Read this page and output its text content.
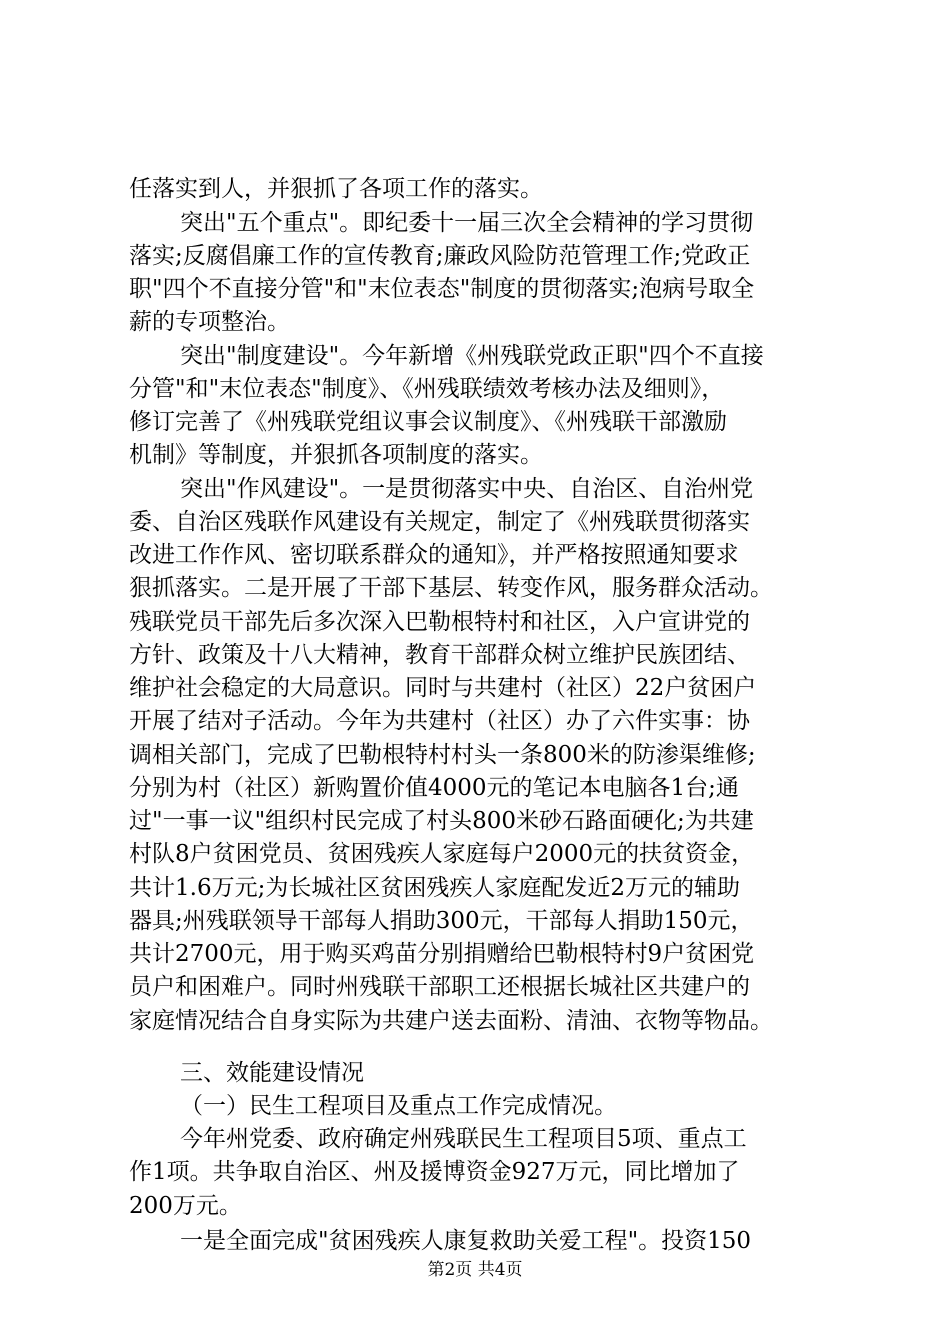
任落实到人，并狠抓了各项工作的落实。
突出"五个重点"。即纪委十一届三次全会精神的学习贯彻
落实;反腐倡廉工作的宣传教育;廉政风险防范管理工作;党政正
职"四个不直接分管"和"末位表态"制度的贯彻落实;泡病号取全
薪的专项整治。
突出"制度建设"。今年新增《州残联党政正职"四个不直接
分管"和"末位表态"制度》、《州残联绩效考核办法及细则》，
修订完善了《州残联党组议事会议制度》、《州残联干部激励
机制》等制度，并狠抓各项制度的落实。
突出"作风建设"。一是贯彻落实中央、自治区、自治州党
委、自治区残联作风建设有关规定，制定了《州残联贯彻落实
改进工作作风、密切联系群众的通知》，并严格按照通知要求
狠抓落实。二是开展了干部下基层、转变作风，服务群众活动。
残联党员干部先后多次深入巴勒根特村和社区，入户宣讲党的
方针、政策及十八大精神，教育干部群众树立维护民族团结、
维护社会稳定的大局意识。同时与共建村（社区）22户贫困户
开展了结对子活动。今年为共建村（社区）办了六件实事：协
调相关部门，完成了巴勒根特村村头一条800米的防渗渠维修;
分别为村（社区）新购置价值4000元的笔记本电脑各1台;通
过"一事一议"组织村民完成了村头800米砂石路面硬化;为共建
村队8户贫困党员、贫困残疾人家庭每户2000元的扶贫资金，
共计1.6万元;为长城社区贫困残疾人家庭配发近2万元的辅助
器具;州残联领导干部每人捐助300元，干部每人捐助150元，
共计2700元，用于购买鸡苗分别捐赠给巴勒根特村9户贫困党
员户和困难户。同时州残联干部职工还根据长城社区共建户的
家庭情况结合自身实际为共建户送去面粉、清油、衣物等物品。
三、效能建设情况
（一）民生工程项目及重点工作完成情况。
今年州党委、政府确定州残联民生工程项目5项、重点工
作1项。共争取自治区、州及援博资金927万元，同比增加了
200万元。
一是全面完成"贫困残疾人康复救助关爱工程"。投资150
第2页 共4页
